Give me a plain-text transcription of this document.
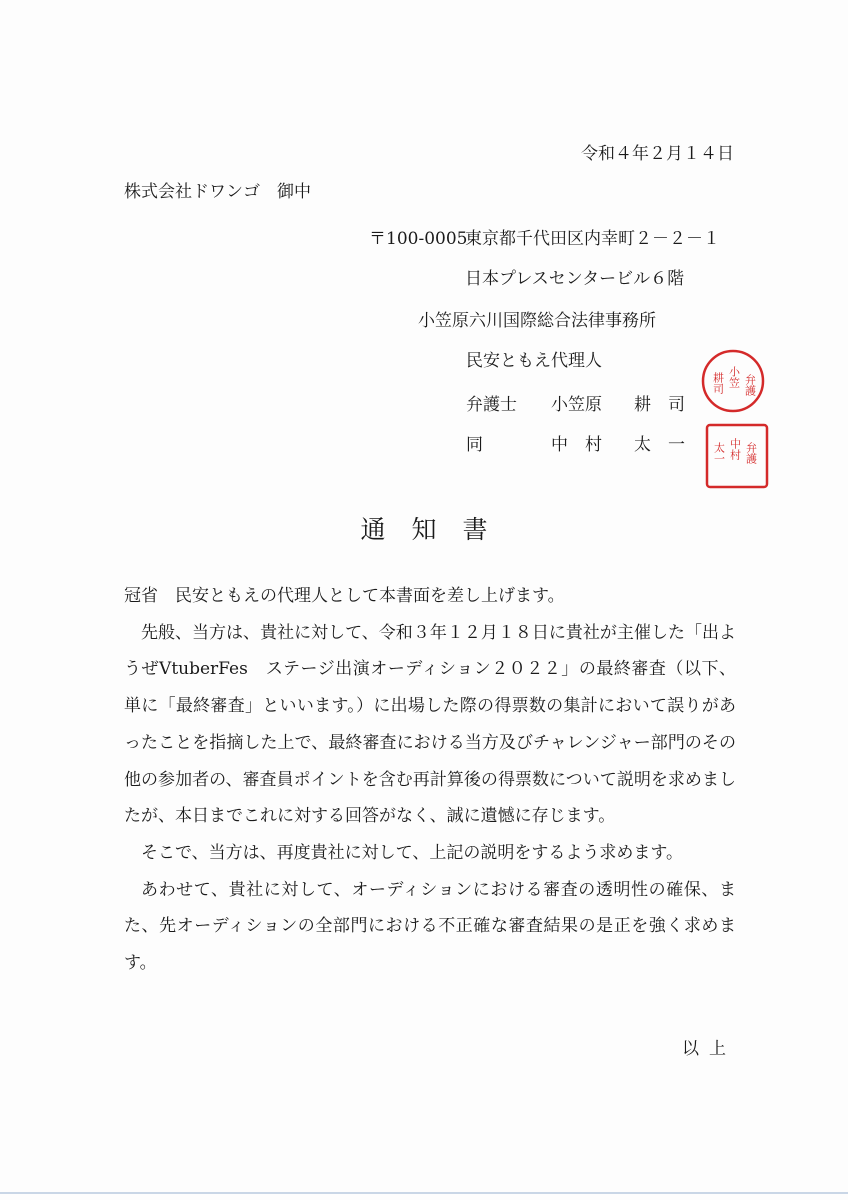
令和４年２月１４日
株式会社ドワンゴ　御中
〒100-0005
東京都千代田区内幸町２－２－１
日本プレスセンタービル６階
小笠原六川国際総合法律事務所
民安ともえ代理人
弁護士 小笠原 耕　司
同	中　村 太　一
弁護
小笠
耕司
弁護
中村
太一
通知書

冠省　民安ともえの代理人として本書面を差し上げます。

先般、当方は、貴社に対して、令和３年１２月１８日に貴社が主催した「出ようぜVtuberFes　ステージ出演オーディション２０２２」の最終審査（以下、単に「最終審査」といいます。）に出場した際の得票数の集計において誤りがあったことを指摘した上で、最終審査における当方及びチャレンジャー部門のその他の参加者の、審査員ポイントを含む再計算後の得票数について説明を求めましたが、本日までこれに対する回答がなく、誠に遺憾に存じます。

そこで、当方は、再度貴社に対して、上記の説明をするよう求めます。

あわせて、貴社に対して、オーディションにおける審査の透明性の確保、また、先オーディションの全部門における不正確な審査結果の是正を強く求めます。

以上
